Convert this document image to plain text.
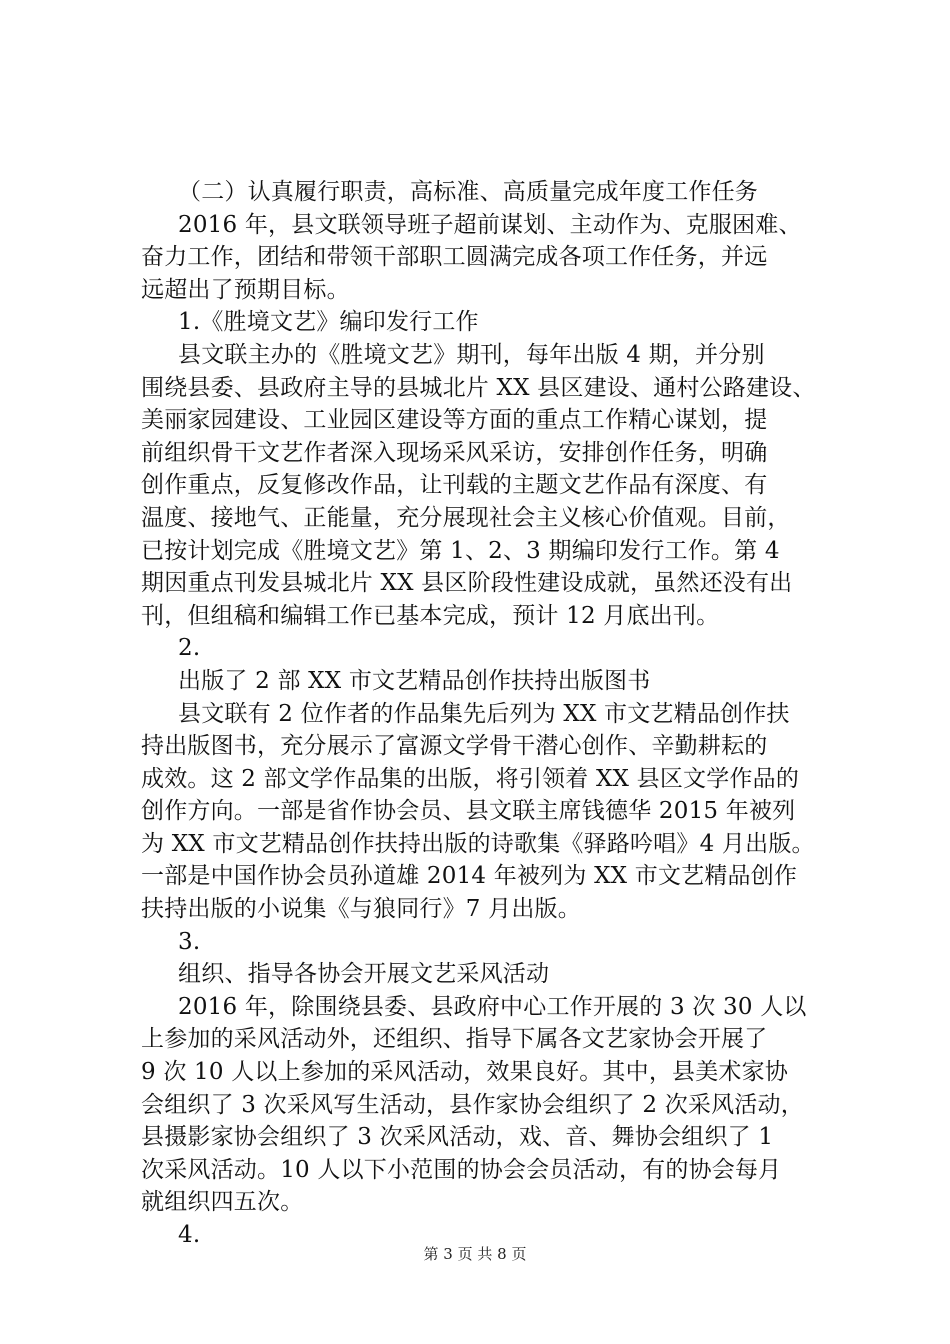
（二）认真履行职责，高标准、高质量完成年度工作任务
2016 年，县文联领导班子超前谋划、主动作为、克服困难、
奋力工作，团结和带领干部职工圆满完成各项工作任务，并远
远超出了预期目标。
1.《胜境文艺》编印发行工作
县文联主办的《胜境文艺》期刊，每年出版 4 期，并分别
围绕县委、县政府主导的县城北片 XX 县区建设、通村公路建设、
美丽家园建设、工业园区建设等方面的重点工作精心谋划，提
前组织骨干文艺作者深入现场采风采访，安排创作任务，明确
创作重点，反复修改作品，让刊载的主题文艺作品有深度、有
温度、接地气、正能量，充分展现社会主义核心价值观。目前，
已按计划完成《胜境文艺》第 1、2、3 期编印发行工作。第 4
期因重点刊发县城北片 XX 县区阶段性建设成就，虽然还没有出
刊，但组稿和编辑工作已基本完成，预计 12 月底出刊。
2.
出版了 2 部 XX 市文艺精品创作扶持出版图书
县文联有 2 位作者的作品集先后列为 XX 市文艺精品创作扶
持出版图书，充分展示了富源文学骨干潜心创作、辛勤耕耘的
成效。这 2 部文学作品集的出版，将引领着 XX 县区文学作品的
创作方向。一部是省作协会员、县文联主席钱德华 2015 年被列
为 XX 市文艺精品创作扶持出版的诗歌集《驿路吟唱》4 月出版。
一部是中国作协会员孙道雄 2014 年被列为 XX 市文艺精品创作
扶持出版的小说集《与狼同行》7 月出版。
3.
组织、指导各协会开展文艺采风活动
2016 年，除围绕县委、县政府中心工作开展的 3 次 30 人以
上参加的采风活动外，还组织、指导下属各文艺家协会开展了
9 次 10 人以上参加的采风活动，效果良好。其中，县美术家协
会组织了 3 次采风写生活动，县作家协会组织了 2 次采风活动，
县摄影家协会组织了 3 次采风活动，戏、音、舞协会组织了 1
次采风活动。10 人以下小范围的协会会员活动，有的协会每月
就组织四五次。
4.
第 3 页 共 8 页
